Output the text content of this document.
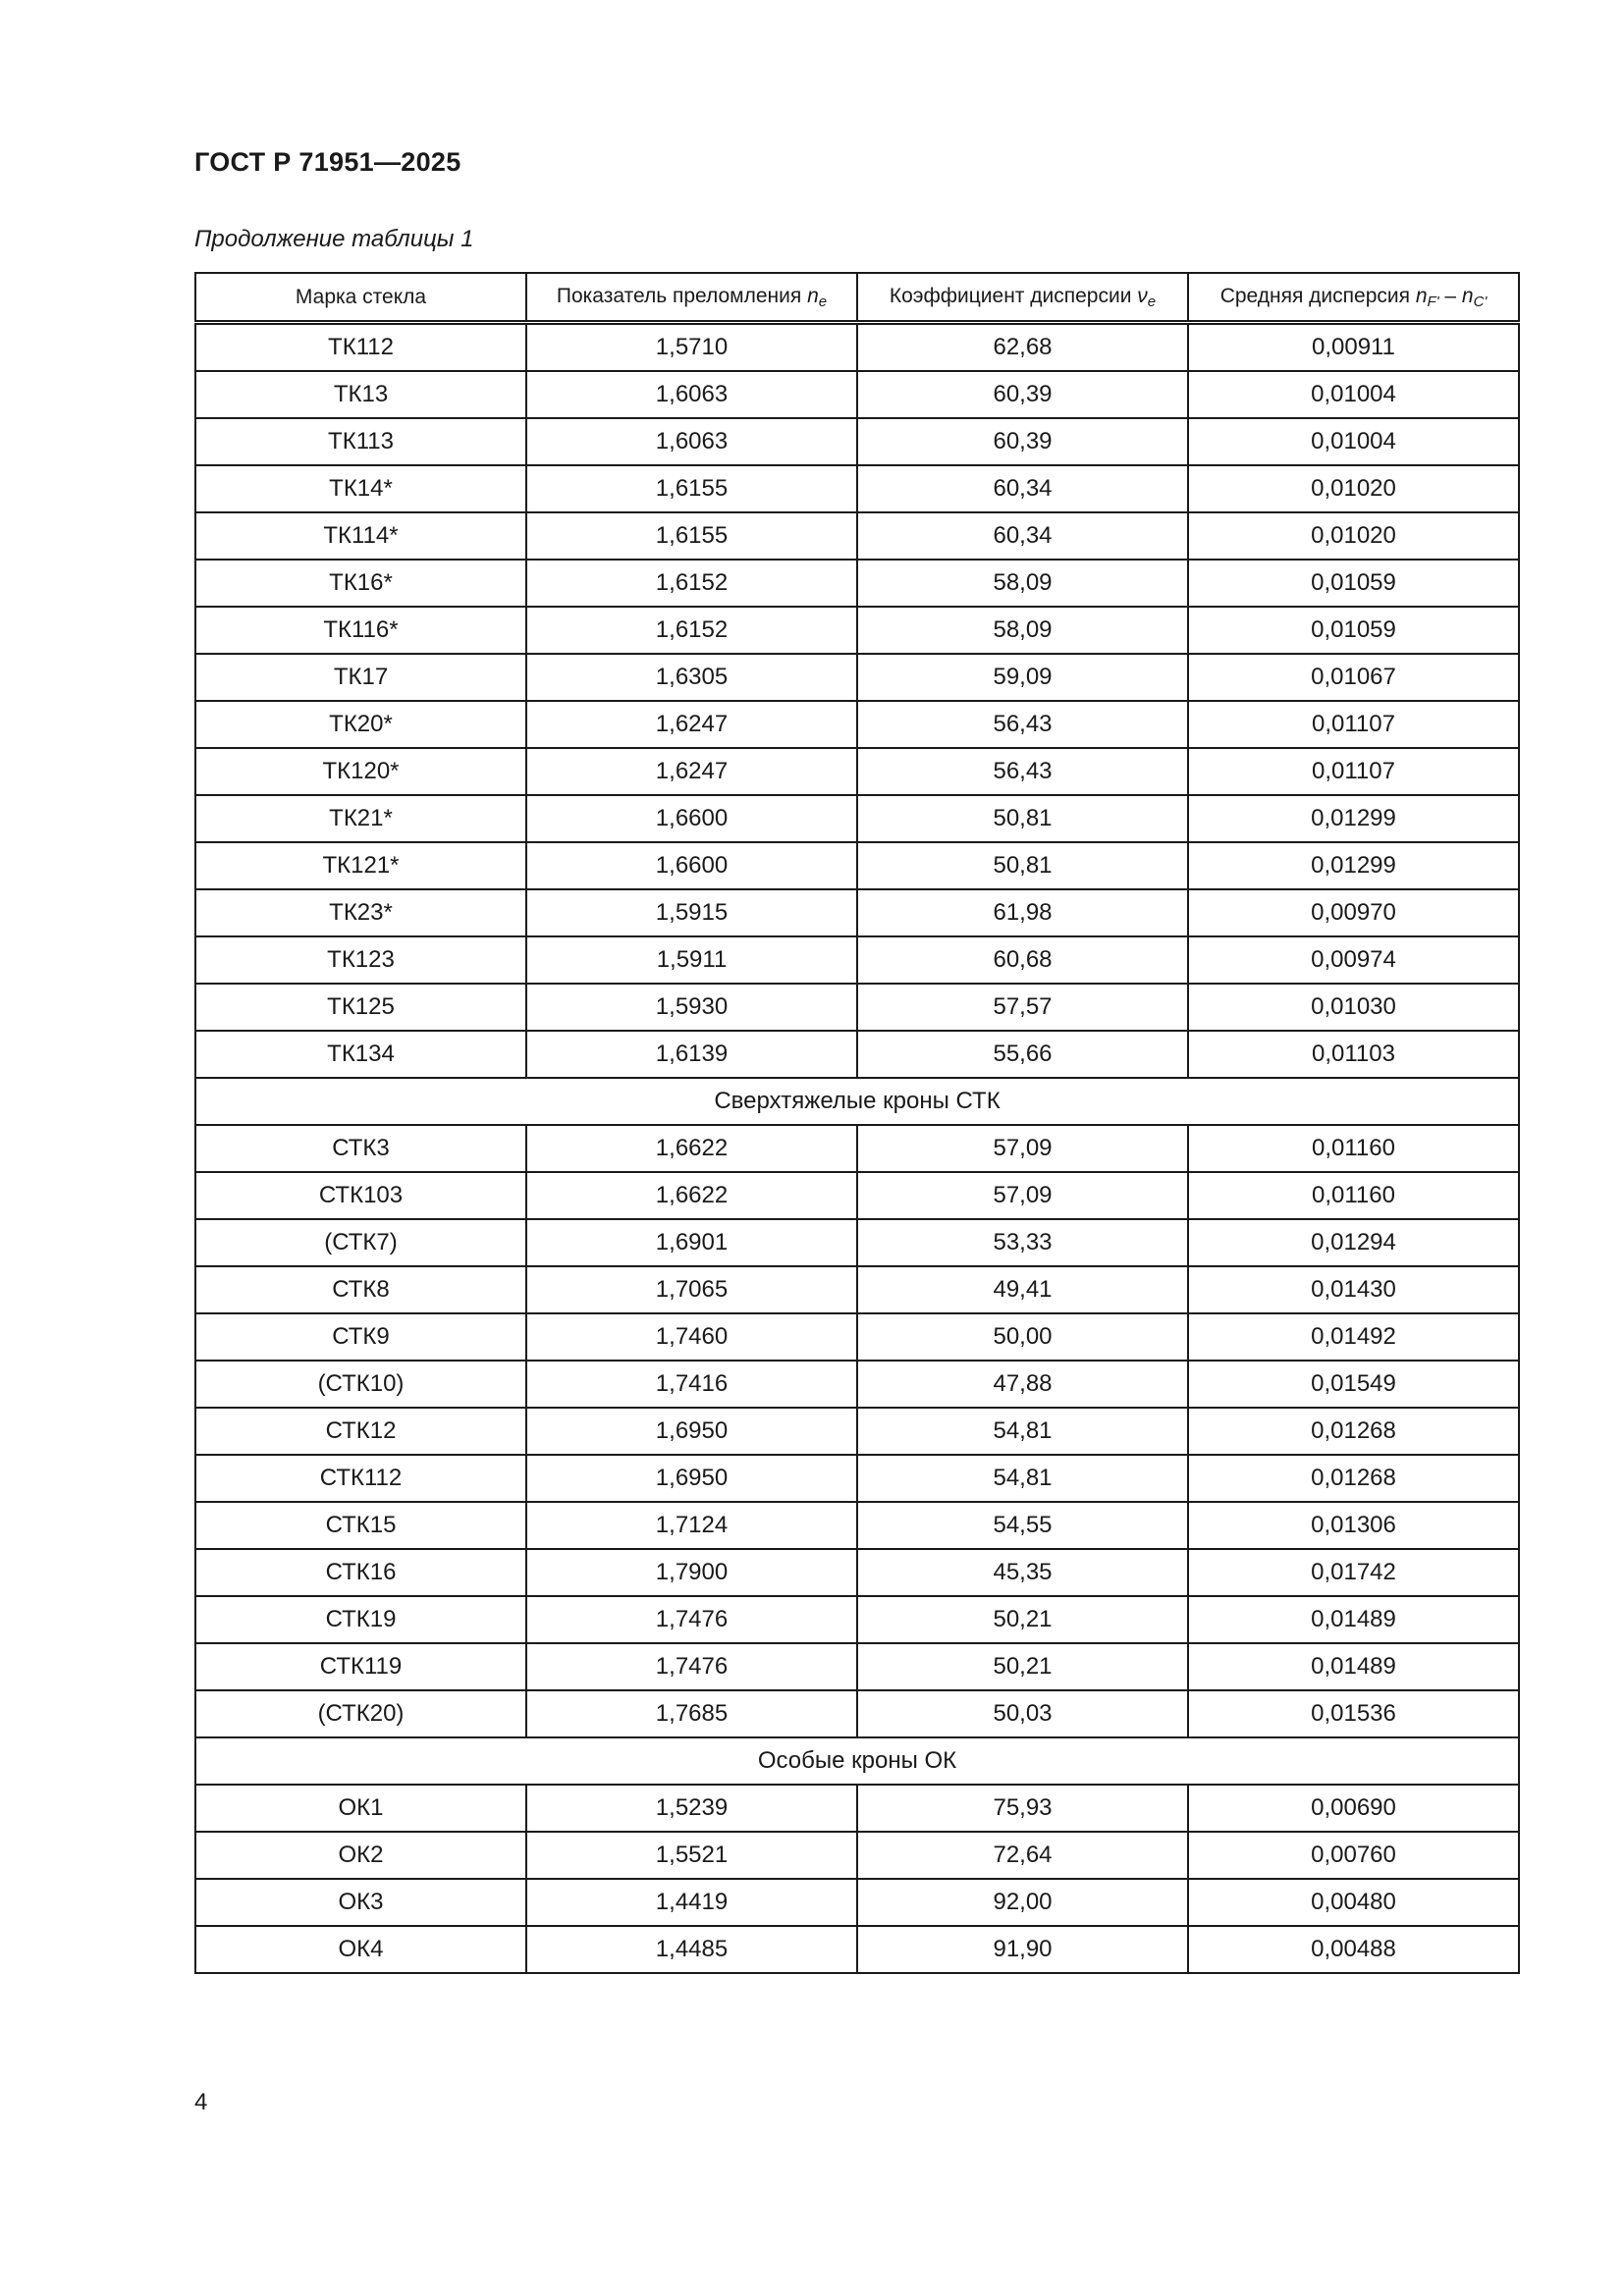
ГОСТ Р 71951—2025
Продолжение таблицы 1
Марка стекла	Показатель преломления $n_e$	Коэффициент дисперсии $\nu_e$	Средняя дисперсия $n_{F'} - n_{C'}$
ТК112	1,5710	62,68	0,00911
ТК13	1,6063	60,39	0,01004
ТК113	1,6063	60,39	0,01004
ТК14*	1,6155	60,34	0,01020
ТК114*	1,6155	60,34	0,01020
ТК16*	1,6152	58,09	0,01059
ТК116*	1,6152	58,09	0,01059
ТК17	1,6305	59,09	0,01067
ТК20*	1,6247	56,43	0,01107
ТК120*	1,6247	56,43	0,01107
ТК21*	1,6600	50,81	0,01299
ТК121*	1,6600	50,81	0,01299
ТК23*	1,5915	61,98	0,00970
ТК123	1,5911	60,68	0,00974
ТК125	1,5930	57,57	0,01030
ТК134	1,6139	55,66	0,01103
Сверхтяжелые кроны СТК			
СТК3	1,6622	57,09	0,01160
СТК103	1,6622	57,09	0,01160
(СТК7)	1,6901	53,33	0,01294
СТК8	1,7065	49,41	0,01430
СТК9	1,7460	50,00	0,01492
(СТК10)	1,7416	47,88	0,01549
СТК12	1,6950	54,81	0,01268
СТК112	1,6950	54,81	0,01268
СТК15	1,7124	54,55	0,01306
СТК16	1,7900	45,35	0,01742
СТК19	1,7476	50,21	0,01489
СТК119	1,7476	50,21	0,01489
(СТК20)	1,7685	50,03	0,01536
Особые кроны ОК			
ОК1	1,5239	75,93	0,00690
ОК2	1,5521	72,64	0,00760
ОК3	1,4419	92,00	0,00480
ОК4	1,4485	91,90	0,00488
4
